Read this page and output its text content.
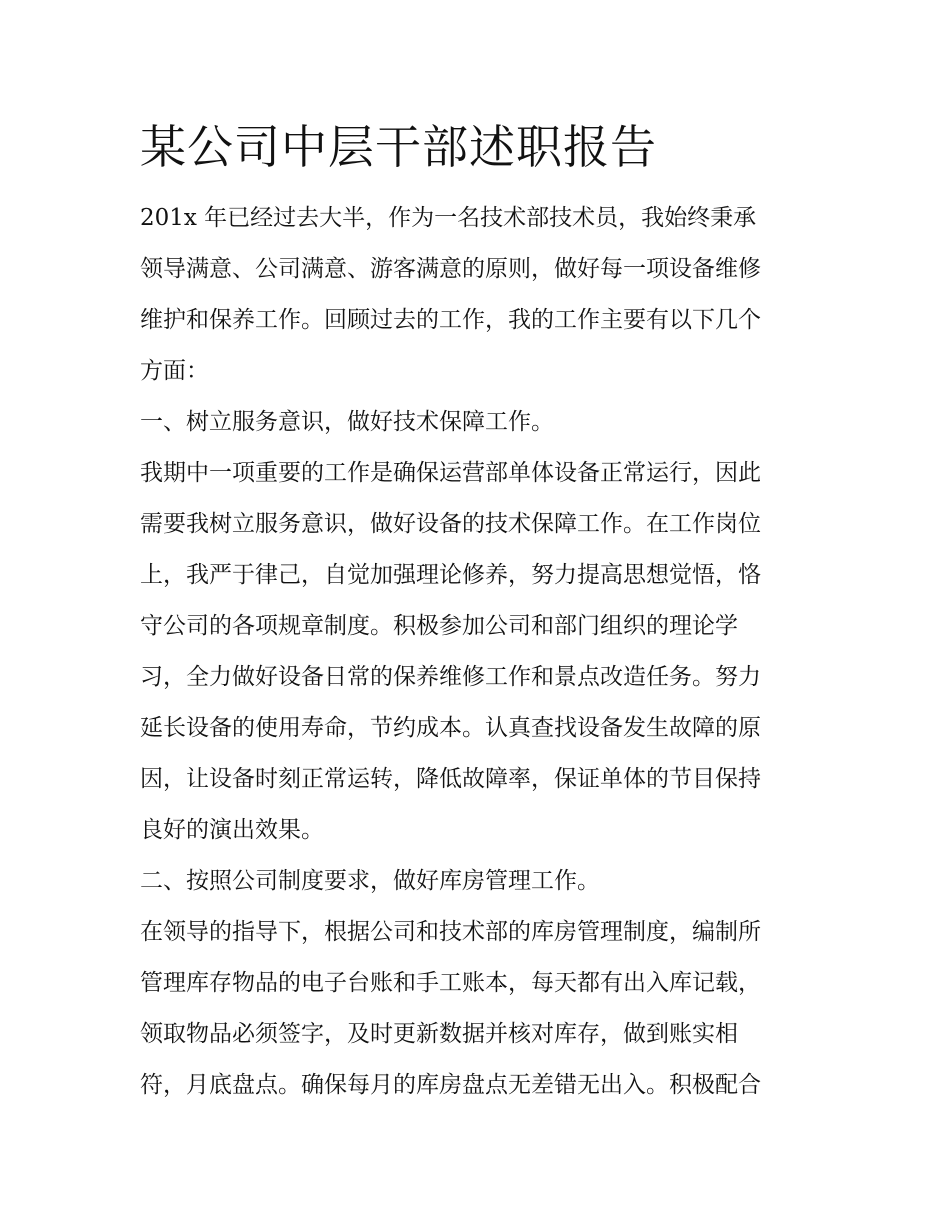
某公司中层干部述职报告

201x 年已经过去大半，作为一名技术部技术员，我始终秉承

领导满意、公司满意、游客满意的原则，做好每一项设备维修

维护和保养工作。回顾过去的工作，我的工作主要有以下几个

方面：

一、树立服务意识，做好技术保障工作。

我期中一项重要的工作是确保运营部单体设备正常运行，因此

需要我树立服务意识，做好设备的技术保障工作。在工作岗位

上，我严于律己，自觉加强理论修养，努力提高思想觉悟，恪

守公司的各项规章制度。积极参加公司和部门组织的理论学

习，全力做好设备日常的保养维修工作和景点改造任务。努力

延长设备的使用寿命，节约成本。认真查找设备发生故障的原

因，让设备时刻正常运转，降低故障率，保证单体的节目保持

良好的演出效果。

二、按照公司制度要求，做好库房管理工作。

在领导的指导下，根据公司和技术部的库房管理制度，编制所

管理库存物品的电子台账和手工账本，每天都有出入库记载，

领取物品必须签字，及时更新数据并核对库存，做到账实相

符，月底盘点。确保每月的库房盘点无差错无出入。积极配合
